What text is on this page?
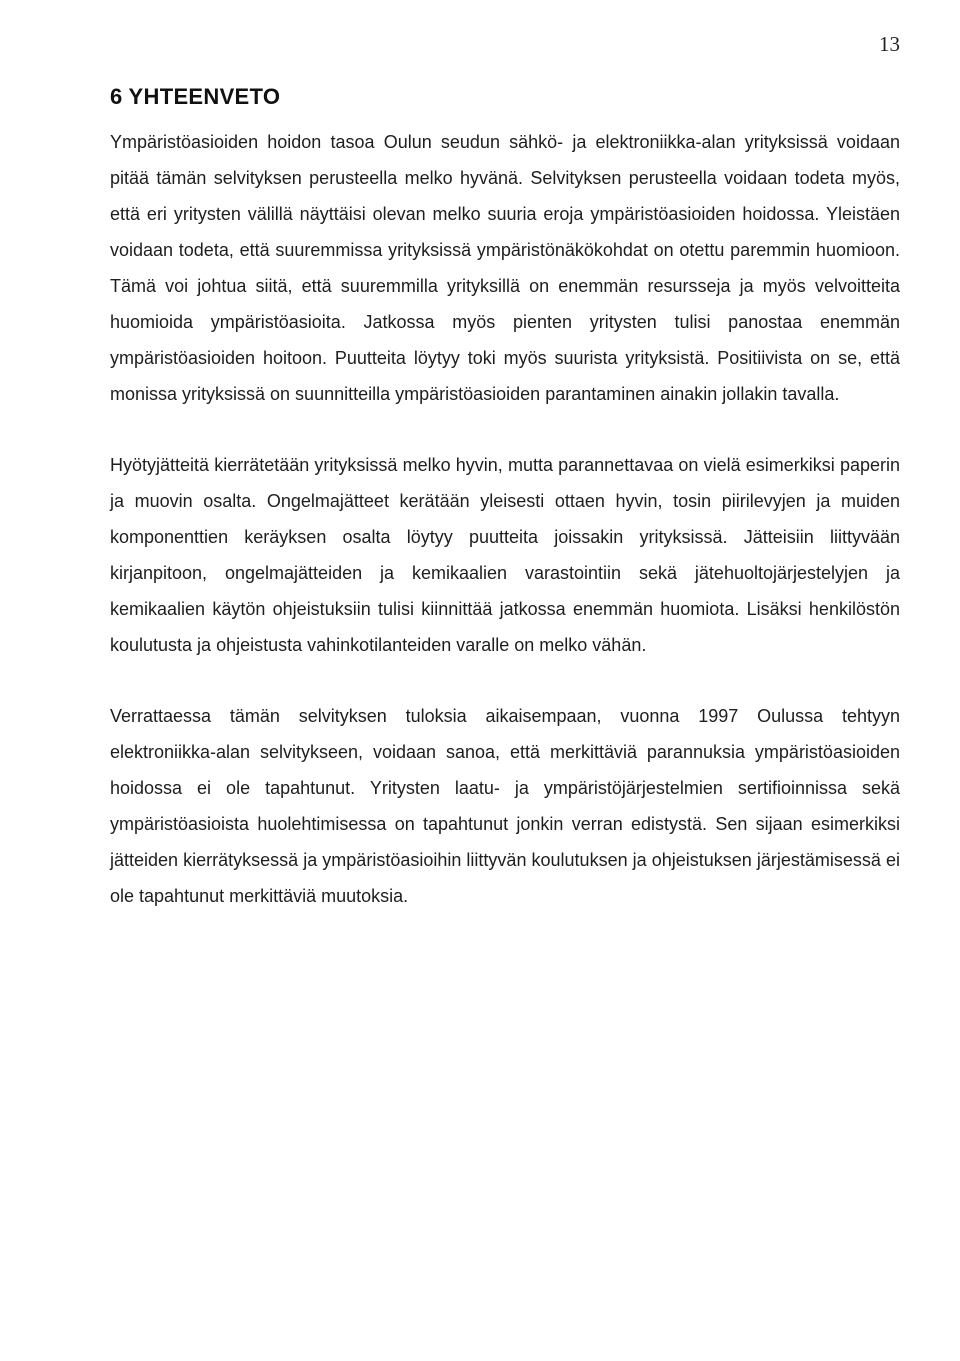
13
6 YHTEENVETO

Ympäristöasioiden hoidon tasoa Oulun seudun sähkö- ja elektroniikka-alan yrityksissä voidaan pitää tämän selvityksen perusteella melko hyvänä. Selvityksen perusteella voidaan todeta myös, että eri yritysten välillä näyttäisi olevan melko suuria eroja ympäristöasioiden hoidossa. Yleistäen voidaan todeta, että suuremmissa yrityksissä ympäristönäkökohdat on otettu paremmin huomioon. Tämä voi johtua siitä, että suuremmilla yrityksillä on enemmän resursseja ja myös velvoitteita huomioida ympäristöasioita. Jatkossa myös pienten yritysten tulisi panostaa enemmän ympäristöasioiden hoitoon. Puutteita löytyy toki myös suurista yrityksistä. Positiivista on se, että monissa yrityksissä on suunnitteilla ympäristöasioiden parantaminen ainakin jollakin tavalla.

Hyötyjätteitä kierrätetään yrityksissä melko hyvin, mutta parannettavaa on vielä esimerkiksi paperin ja muovin osalta. Ongelmajätteet kerätään yleisesti ottaen hyvin, tosin piirilevyjen ja muiden komponenttien keräyksen osalta löytyy puutteita joissakin yrityksissä. Jätteisiin liittyvään kirjanpitoon, ongelmajätteiden ja kemikaalien varastointiin sekä jätehuoltojärjestelyjen ja kemikaalien käytön ohjeistuksiin tulisi kiinnittää jatkossa enemmän huomiota. Lisäksi henkilöstön koulutusta ja ohjeistusta vahinkotilanteiden varalle on melko vähän.

Verrattaessa tämän selvityksen tuloksia aikaisempaan, vuonna 1997 Oulussa tehtyyn elektroniikka-alan selvitykseen, voidaan sanoa, että merkittäviä parannuksia ympäristöasioiden hoidossa ei ole tapahtunut. Yritysten laatu- ja ympäristöjärjestelmien sertifioinnissa sekä ympäristöasioista huolehtimisessa on tapahtunut jonkin verran edistystä. Sen sijaan esimerkiksi jätteiden kierrätyksessä ja ympäristöasioihin liittyvän koulutuksen ja ohjeistuksen järjestämisessä ei ole tapahtunut merkittäviä muutoksia.
